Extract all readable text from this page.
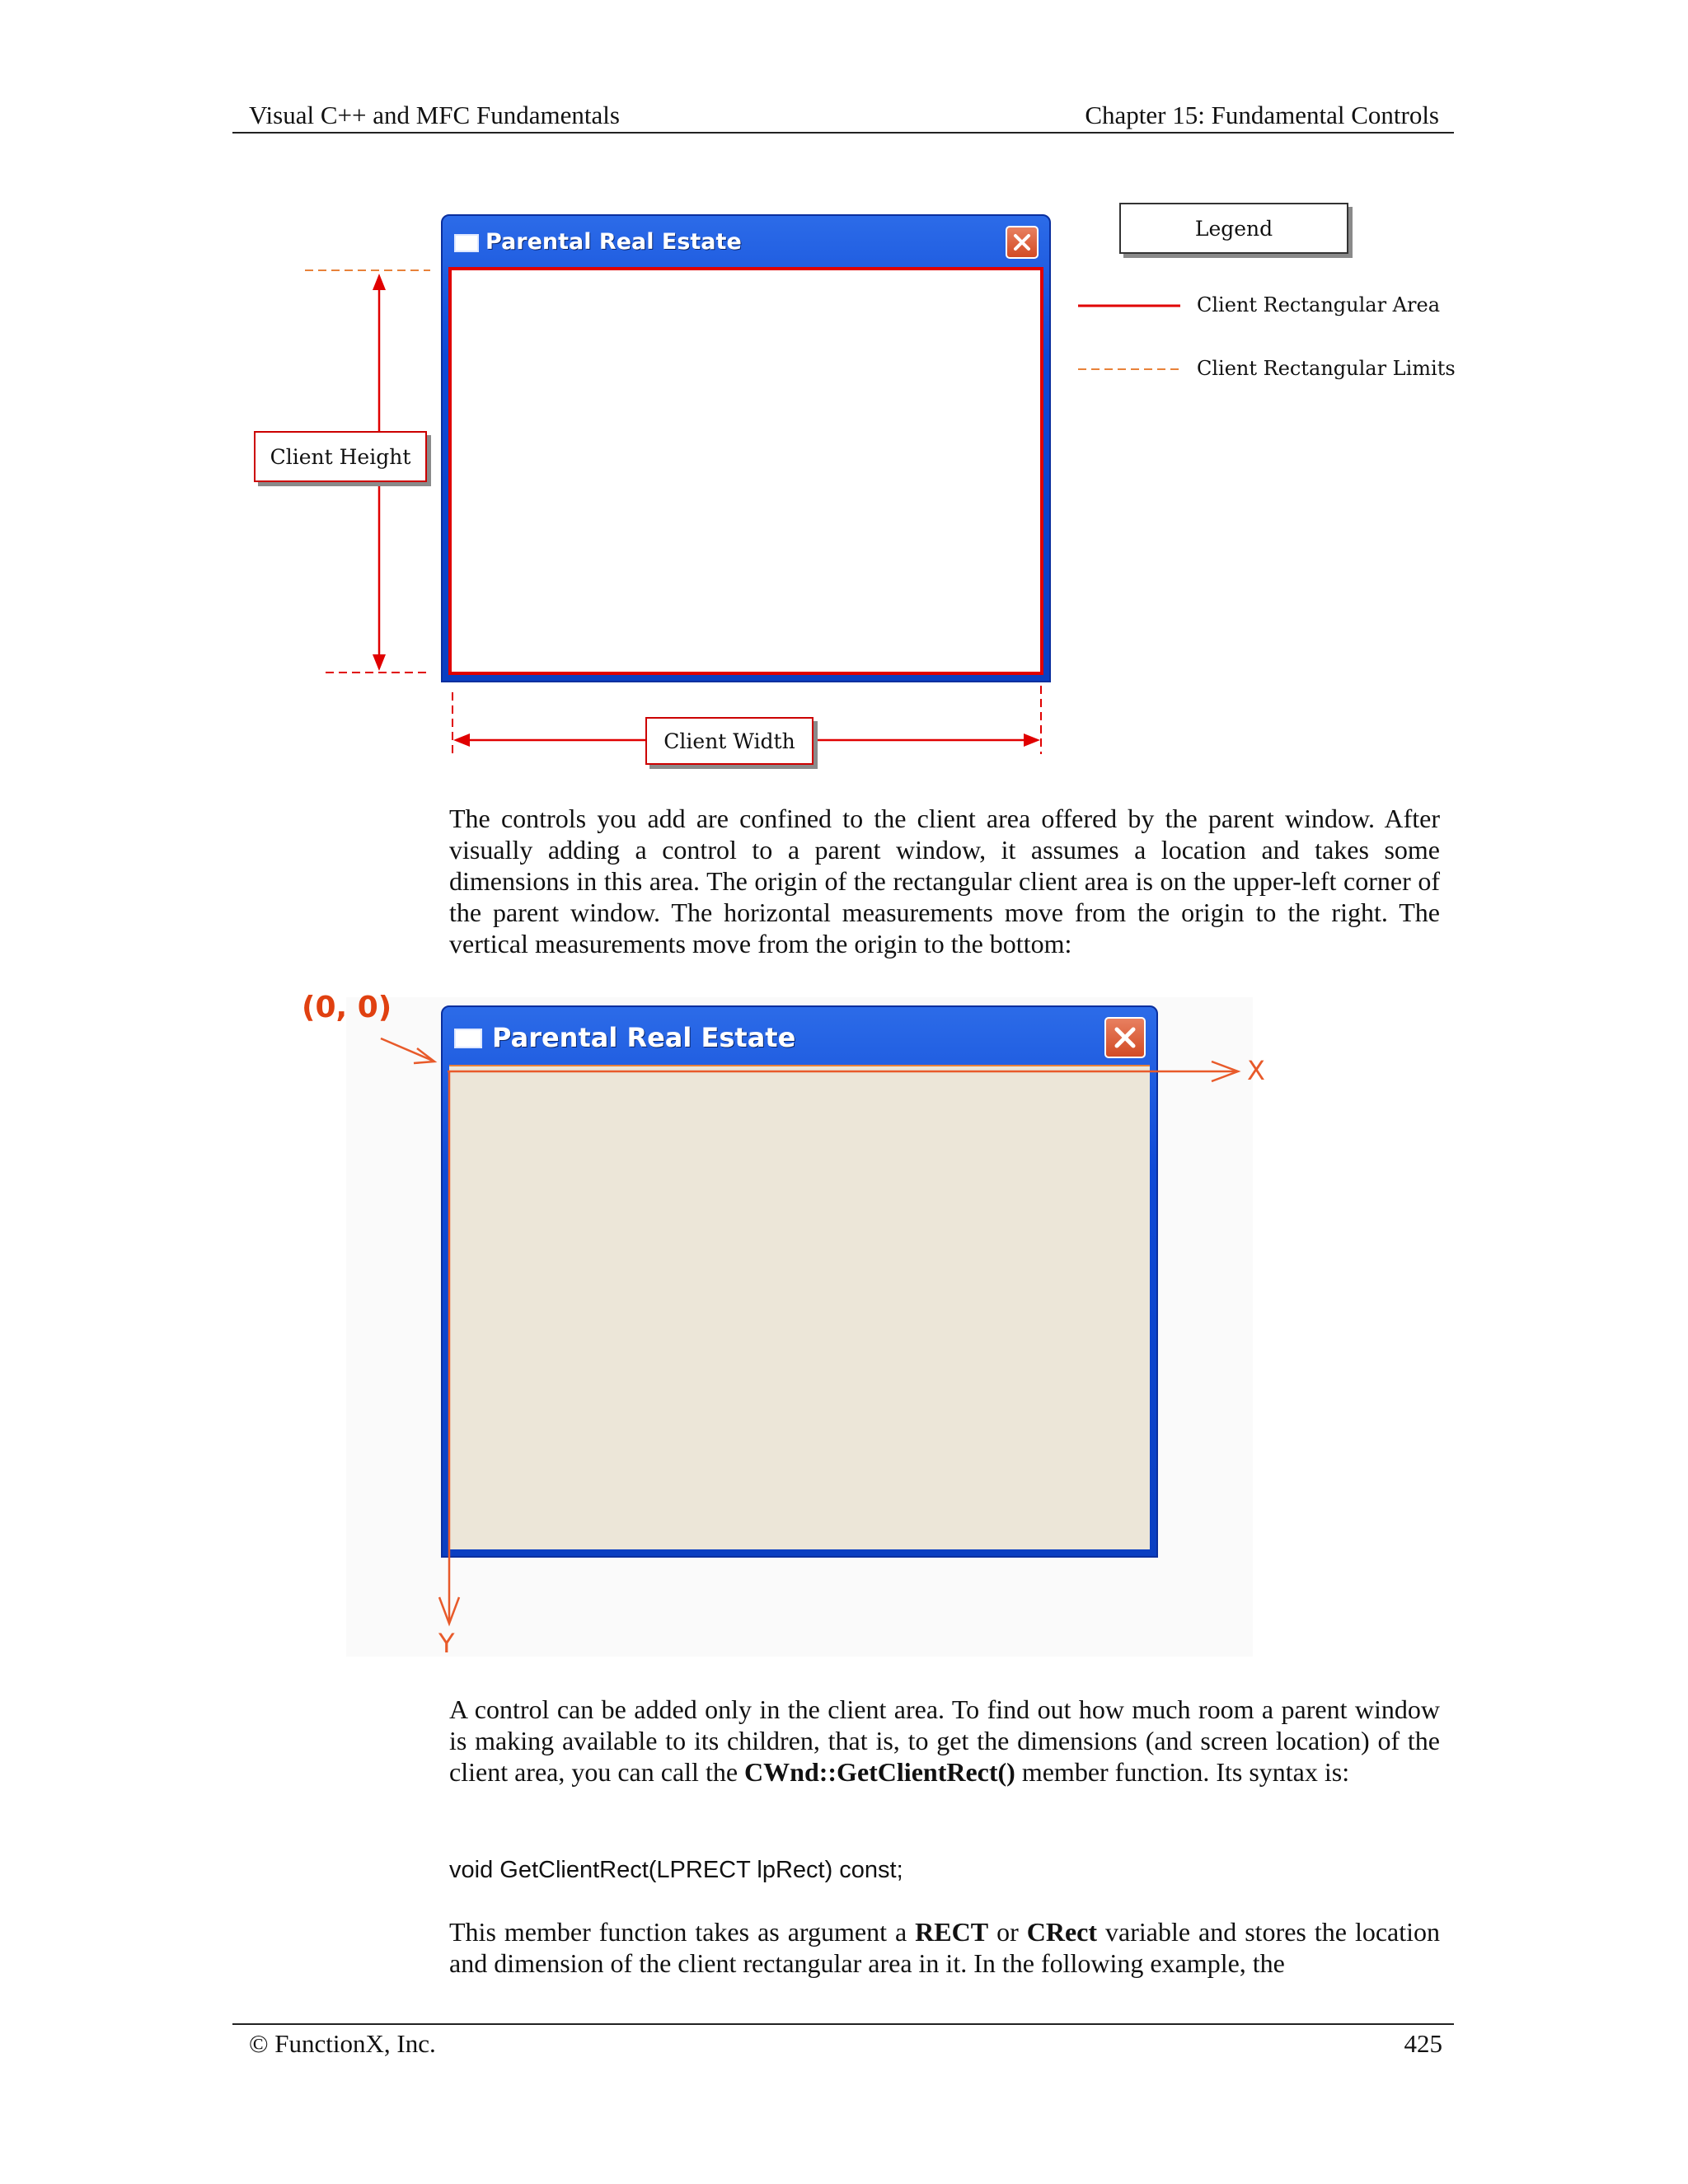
Visual C++ and MFC Fundamentals	Chapter 15: Fundamental Controls
Parental Real Estate
Client Height
Client Width
Legend
Client Rectangular Area
Client Rectangular Limits
The controls you add are confined to the client area offered by the parent window. After visually adding a control to a parent window, it assumes a location and takes some dimensions in this area. The origin of the rectangular client area is on the upper-left corner of the parent window. The horizontal measurements move from the origin to the right. The vertical measurements move from the origin to the bottom:
Parental Real Estate
(0, 0)
X
Y
A control can be added only in the client area. To find out how much room a parent window is making available to its children, that is, to get the dimensions (and screen location) of the client area, you can call the CWnd::GetClientRect() member function. Its syntax is:
void GetClientRect(LPRECT lpRect) const;
This member function takes as argument a RECT or CRect variable and stores the location and dimension of the client rectangular area in it. In the following example, the
© FunctionX, Inc.	425
